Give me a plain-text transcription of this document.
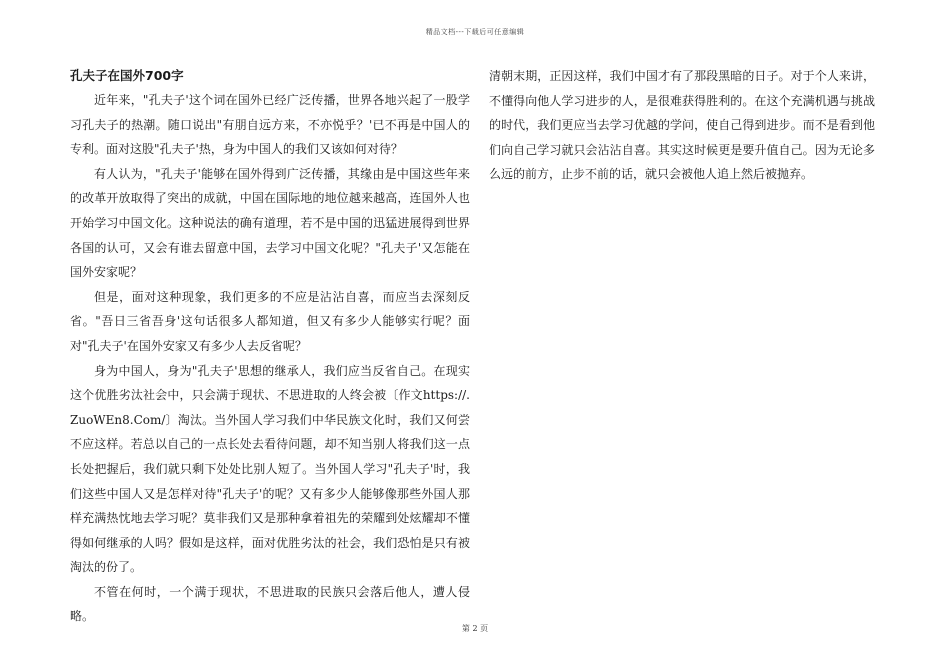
精品文档---下载后可任意编辑
孔夫子在国外700字

近年来，"孔夫子'这个词在国外已经广泛传播，世界各地兴起了一股学习孔夫子的热潮。随口说出"有朋自远方来，不亦悦乎？'已不再是中国人的专利。面对这股"孔夫子'热，身为中国人的我们又该如何对待？

有人认为，"孔夫子'能够在国外得到广泛传播，其缘由是中国这些年来的改革开放取得了突出的成就，中国在国际地的地位越来越高，连国外人也开始学习中国文化。这种说法的确有道理，若不是中国的迅猛进展得到世界各国的认可，又会有谁去留意中国，去学习中国文化呢？"孔夫子'又怎能在国外安家呢？

但是，面对这种现象，我们更多的不应是沾沾自喜，而应当去深刻反省。"吾日三省吾身'这句话很多人都知道，但又有多少人能够实行呢？面对"孔夫子'在国外安家又有多少人去反省呢？

身为中国人，身为"孔夫子'思想的继承人，我们应当反省自己。在现实这个优胜劣汰社会中，只会满于现状、不思进取的人终会被〔作文https://.ZuoWEn8.Com/〕淘汰。当外国人学习我们中华民族文化时，我们又何尝不应这样。若总以自己的一点长处去看待问题，却不知当别人将我们这一点长处把握后，我们就只剩下处处比别人短了。当外国人学习"孔夫子'时，我们这些中国人又是怎样对待"孔夫子'的呢？又有多少人能够像那些外国人那样充满热忱地去学习呢？莫非我们又是那种拿着祖先的荣耀到处炫耀却不懂得如何继承的人吗？假如是这样，面对优胜劣汰的社会，我们恐怕是只有被淘汰的份了。

不管在何时，一个满于现状，不思进取的民族只会落后他人，遭人侵略。

清朝末期，正因这样，我们中国才有了那段黑暗的日子。对于个人来讲，不懂得向他人学习进步的人，是很难获得胜利的。在这个充满机遇与挑战的时代，我们更应当去学习优越的学问，使自己得到进步。而不是看到他们向自己学习就只会沾沾自喜。其实这时候更是要升值自己。因为无论多么远的前方，止步不前的话，就只会被他人追上然后被抛弃。

第 2 页
